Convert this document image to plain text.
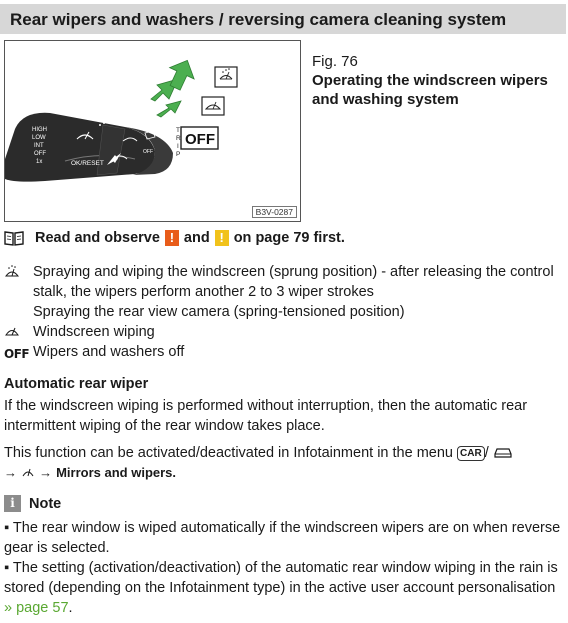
Rear wipers and washers / reversing camera cleaning system
HIGH
LOW
INT
OFF
1x	OK/RESET
OFF
T
R
I
P
OFF
B3V-0287
Fig. 76
Operating the windscreen wipers and washing system
Read and observe ! and ! on page 79 first.
Spraying and wiping the windscreen (sprung position) - after releasing the control stalk, the wipers perform another 2 to 3 wiper strokes
Spraying the rear view camera (spring-tensioned position)
Windscreen wiping
OFF Wipers and washers off
Automatic rear wiper
If the windscreen wiping is performed without interruption, then the automatic rear intermittent wiping of the rear window takes place.
This function can be activated/deactivated in Infotainment in the menu CAR /
→ → Mirrors and wipers.
i Note
▪ The rear window is wiped automatically if the windscreen wipers are on when reverse gear is selected.
▪ The setting (activation/deactivation) of the automatic rear window wiping in the rain is stored (depending on the Infotainment type) in the active user account personalisation » page 57.
